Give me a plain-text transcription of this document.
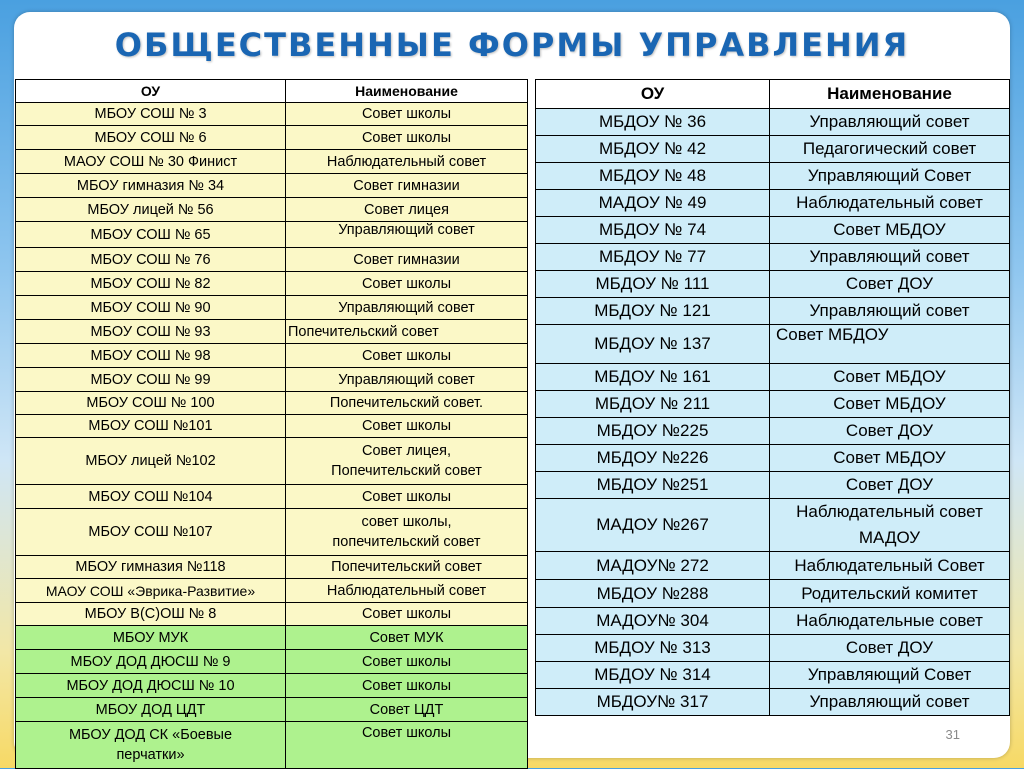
ОБЩЕСТВЕННЫЕ ФОРМЫ УПРАВЛЕНИЯ
ОУ	Наименование
МБОУ СОШ № 3	Совет школы
МБОУ СОШ № 6	Совет школы
МАОУ СОШ № 30 Финист	Наблюдательный совет
МБОУ гимназия № 34	Совет гимназии
МБОУ лицей № 56	Совет лицея
МБОУ СОШ № 65	Управляющий совет
МБОУ СОШ № 76	Совет гимназии
МБОУ СОШ № 82	Совет школы
МБОУ СОШ № 90	Управляющий совет
МБОУ СОШ № 93	Попечительский совет
МБОУ СОШ № 98	Совет школы
МБОУ СОШ № 99	Управляющий совет
МБОУ СОШ № 100	Попечительский совет.
МБОУ СОШ №101	Совет школы
МБОУ лицей №102	Совет лицея,
Попечительский совет

МБОУ СОШ №104	Совет школы
МБОУ СОШ №107	совет школы,
попечительский совет

МБОУ гимназия №118	Попечительский совет
МАОУ СОШ «Эврика-Развитие»	Наблюдательный совет
МБОУ В(С)ОШ № 8	Совет школы
МБОУ МУК	Совет МУК
МБОУ ДОД ДЮСШ № 9	Совет школы
МБОУ ДОД ДЮСШ № 10	Совет школы
МБОУ ДОД ЦДТ	Совет ЦДТ

МБОУ ДОД СК «Боевые
перчатки»	Совет школы
ОУ	Наименование
МБДОУ № 36	Управляющий совет
МБДОУ № 42	Педагогический совет
МБДОУ № 48	Управляющий Совет
МАДОУ № 49	Наблюдательный совет
МБДОУ № 74	Совет МБДОУ
МБДОУ № 77	Управляющий совет
МБДОУ № 111	Совет ДОУ
МБДОУ № 121	Управляющий совет
МБДОУ № 137	Совет МБДОУ
МБДОУ № 161	Совет МБДОУ
МБДОУ № 211	Совет МБДОУ
МБДОУ №225	Совет ДОУ
МБДОУ №226	Совет МБДОУ
МБДОУ №251	Совет ДОУ
МАДОУ №267	Наблюдательный совет
МАДОУ

МАДОУ№ 272	Наблюдательный Совет
МБДОУ №288	Родительский комитет
МАДОУ№ 304	Наблюдательные совет
МБДОУ № 313	Совет ДОУ
МБДОУ № 314	Управляющий Совет
МБДОУ№ 317	Управляющий совет
31
